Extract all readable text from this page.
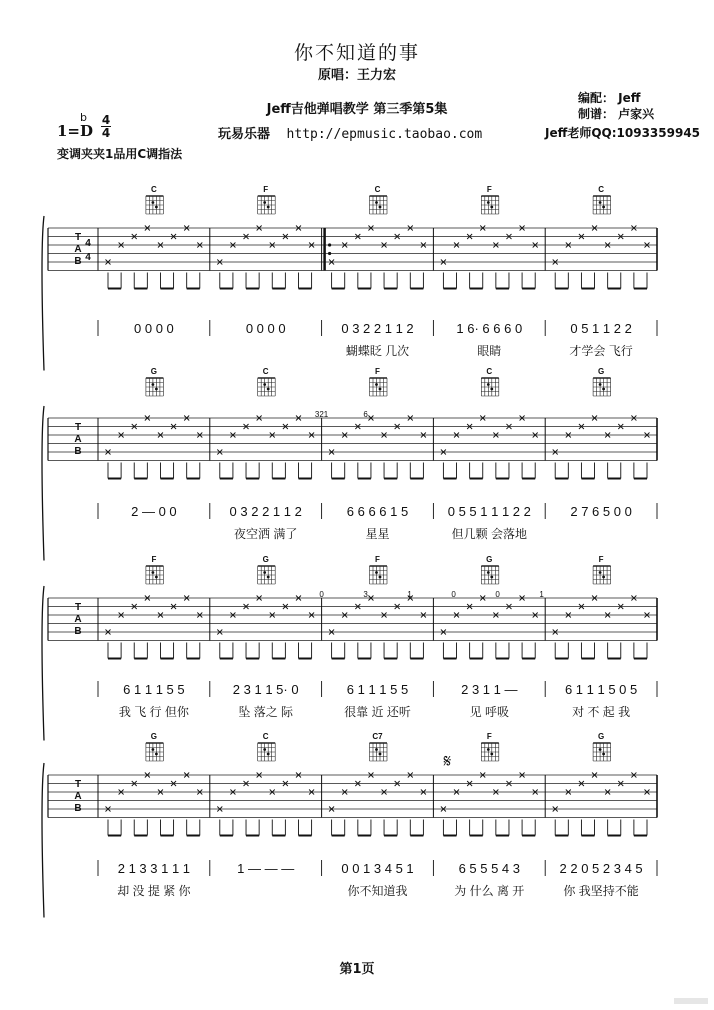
你不知道的事
原唱：王力宏
Jeff吉他弹唱教学 第三季第5集
玩易乐器 http://epmusic.taobao.com
编配： Jeff
制谱： 卢家兴
Jeff老师QQ:1093359945
1=D
b 4
4
变调夹夹1品用C调指法
T
A
B
4
4
C
0 0 0 0
F
0 0 0 0
C
0 3 2 2 1 1 2
蝴蝶眨 几次
F
1 6· 6 6 6 0
眼睛
C
0 5 1 1 2 2
才学会 飞行
T
A
B
G
2 — 0 0
C
0 3 2 2 1 1 2
夜空洒 满了
F
6 6 6 6 1 5
星星
C
0 5 5 1 1 1 2 2
但几颗 会落地
G
2 7 6 5 0 0
321	6
T
A
B
F
6 1 1 1 5 5
我 飞 行 但你
G
2 3 1 1 5· 0
坠 落之 际
F
6 1 1 1 5 5
很靠 近 还听
G
2 3 1 1 —
见 呼吸
F
6 1 1 1 5 0 5
对 不 起 我
0	3	1	0	0	1
T
A
B
G
2 1 3 3 1 1 1
却 没 提 紧 你
C
1 — — —
C7
0 0 1 3 4 5 1
你不知道我
F
6 5 5 5 4 3
为 什么 离 开
G
2 2 0 5 2 3 4 5
你 我坚持不能
𝄋
第1页
